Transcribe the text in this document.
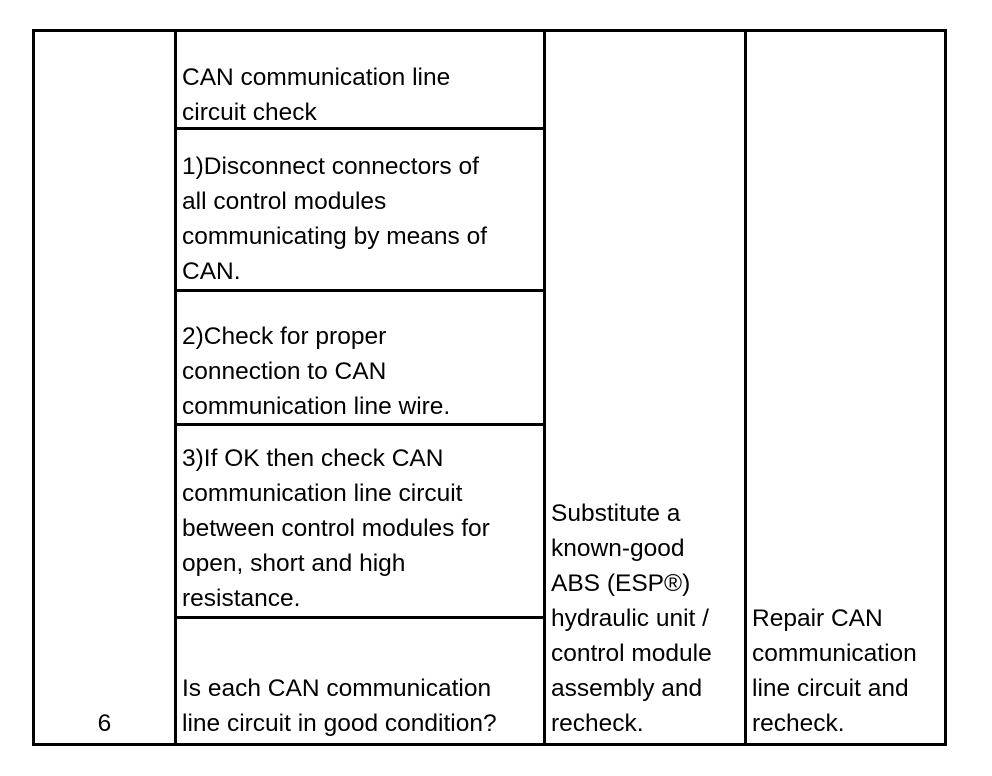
6
CAN communication line
circuit check
1)Disconnect connectors of
all control modules
communicating by means of
CAN.
2)Check for proper
connection to CAN
communication line wire.
3)If OK then check CAN
communication line circuit
between control modules for
open, short and high
resistance.
Is each CAN communication
line circuit in good condition?
Substitute a
known-good
ABS (ESP®)
hydraulic unit /
control module
assembly and
recheck.
Repair CAN
communication
line circuit and
recheck.
